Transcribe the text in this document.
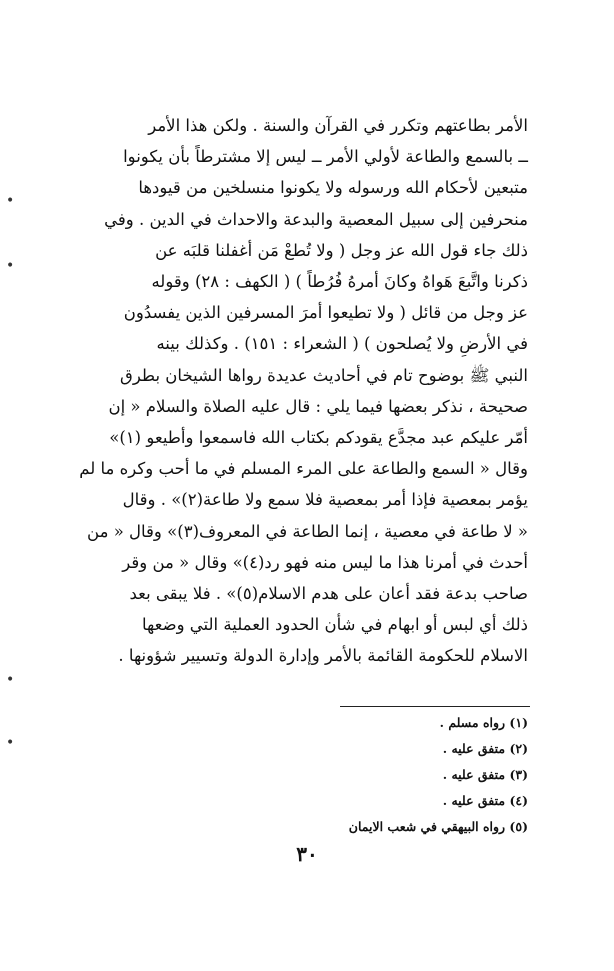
الأمر بطاعتهم وتكرر في القرآن والسنة . ولكن هذا الأمر

ــ بالسمع والطاعة لأولي الأمر ــ ليس إلا مشترطاً بأن يكونوا

متبعين لأحكام الله ورسوله ولا يكونوا منسلخين من قيودها

منحرفين إلى سبيل المعصية والبدعة والاحداث في الدين . وفي

ذلك جاء قول الله عز وجل ( ولا تُطعْ مَن أغفلنا قلبَه عن

ذكرنا واتَّبعَ هَواهُ وكانَ أمرهُ فُرُطاً ) ( الكهف : ٢٨) وقوله

عز وجل من قائل ( ولا تطيعوا أمرَ المسرفين الذين يفسدُون

في الأرضِ ولا يُصلحون ) ( الشعراء : ١٥١) . وكذلك بينه

النبي ﷺ بوضوح تام في أحاديث عديدة رواها الشيخان بطرق

صحيحة ، نذكر بعضها فيما يلي : قال عليه الصلاة والسلام « إن

أمّر عليكم عبد مجدَّع يقودكم بكتاب الله فاسمعوا وأطيعو (١)»

وقال « السمع والطاعة على المرء المسلم في ما أحب وكره ما لم

يؤمر بمعصية فإذا أمر بمعصية فلا سمع ولا طاعة(٢)» . وقال

« لا طاعة في معصية ، إنما الطاعة في المعروف(٣)» وقال « من

أحدث في أمرنا هذا ما ليس منه فهو رد(٤)» وقال « من وقر

صاحب بدعة فقد أعان على هدم الاسلام(٥)» . فلا يبقى بعد

ذلك أي لبس أو ابهام في شأن الحدود العملية التي وضعها

الاسلام للحكومة القائمة بالأمر وإدارة الدولة وتسيير شؤونها .

(١) رواه مسلم .
(٢) متفق عليه .
(٣) متفق عليه .
(٤) متفق عليه .
(٥) رواه البيهقي في شعب الايمان
٣٠
•
•
•
•
